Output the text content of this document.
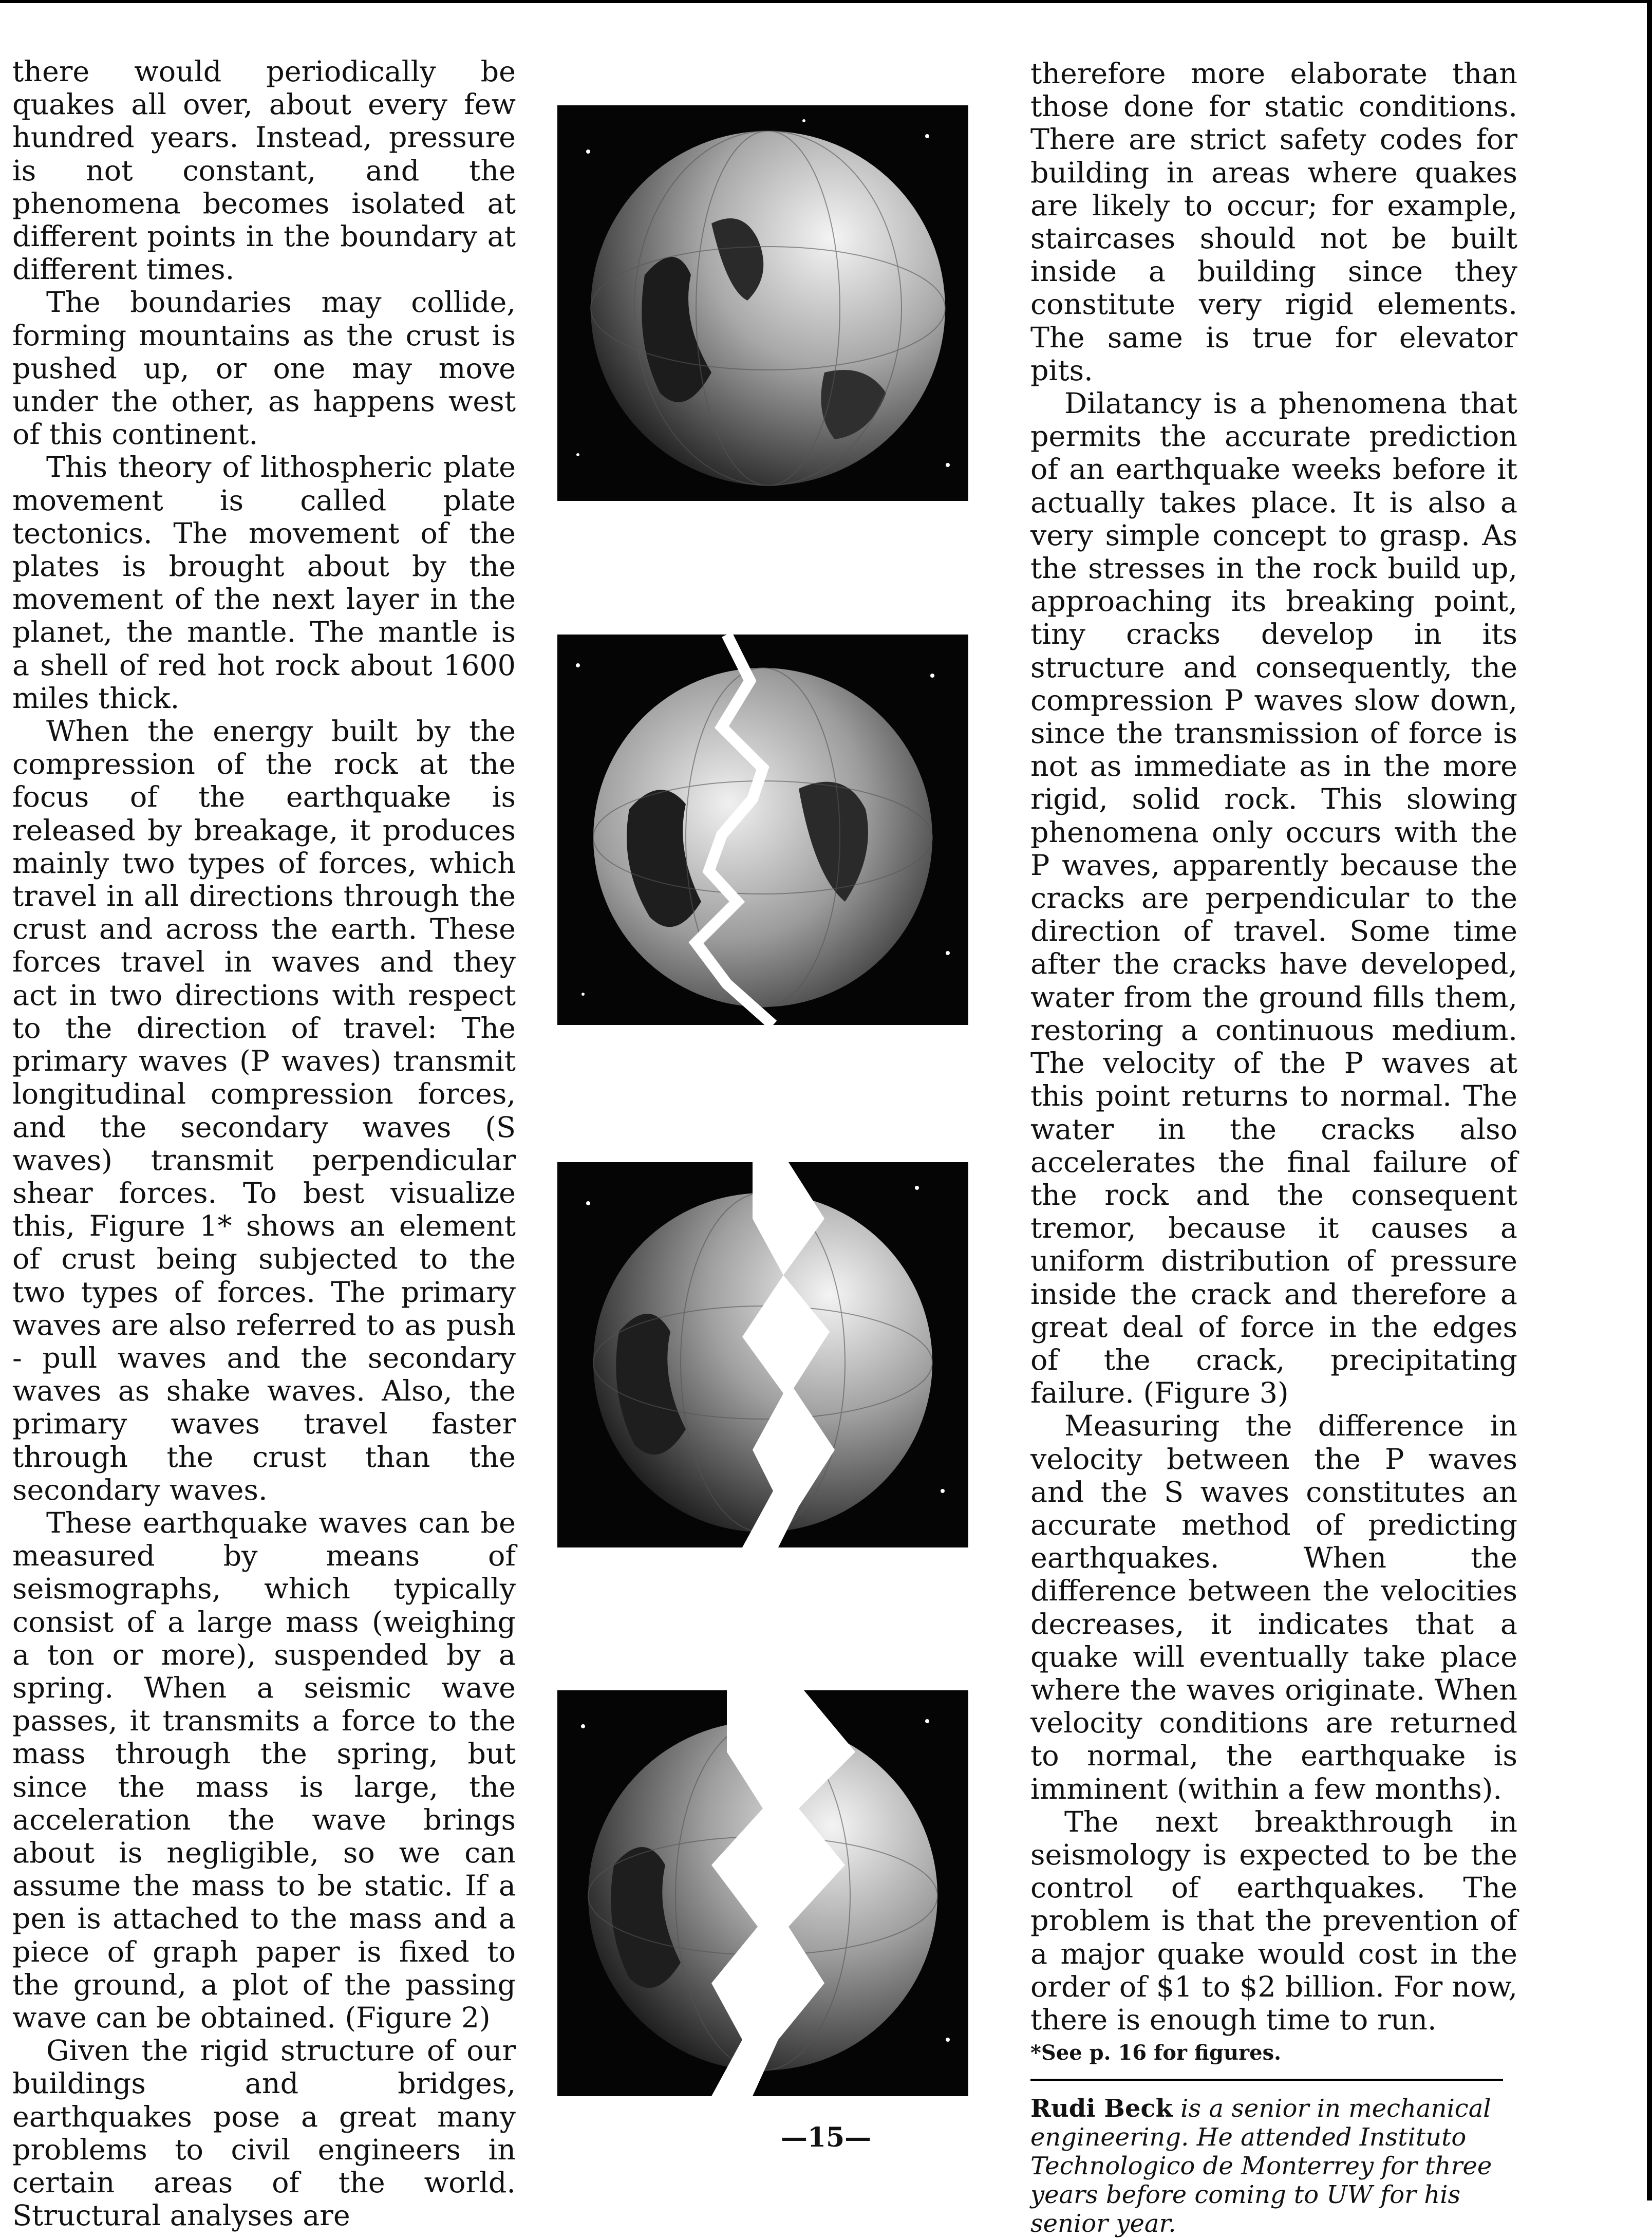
there would periodically be quakes all over, about every few hundred years. Instead, pressure is not constant, and the phenomena becomes isolated at different points in the boundary at different times.

The boundaries may collide, forming mountains as the crust is pushed up, or one may move under the other, as happens west of this continent.

This theory of lithospheric plate movement is called plate tectonics. The movement of the plates is brought about by the movement of the next layer in the planet, the mantle. The mantle is a shell of red hot rock about 1600 miles thick.

When the energy built by the compression of the rock at the focus of the earthquake is released by breakage, it produces mainly two types of forces, which travel in all directions through the crust and across the earth. These forces travel in waves and they act in two directions with respect to the direction of travel: The primary waves (P waves) transmit longitudinal compression forces, and the secondary waves (S waves) transmit perpendicular shear forces. To best visualize this, Figure 1* shows an element of crust being subjected to the two types of forces. The primary waves are also referred to as push - pull waves and the secondary waves as shake waves. Also, the primary waves travel faster through the crust than the secondary waves.

These earthquake waves can be measured by means of seismographs, which typically consist of a large mass (weighing a ton or more), suspended by a spring. When a seismic wave passes, it transmits a force to the mass through the spring, but since the mass is large, the acceleration the wave brings about is negligible, so we can assume the mass to be static. If a pen is attached to the mass and a piece of graph paper is fixed to the ground, a plot of the passing wave can be obtained. (Figure 2)

Given the rigid structure of our buildings and bridges, earthquakes pose a great many problems to civil engineers in certain areas of the world. Structural analyses are

therefore more elaborate than those done for static conditions. There are strict safety codes for building in areas where quakes are likely to occur; for example, staircases should not be built inside a building since they constitute very rigid elements. The same is true for elevator pits.

Dilatancy is a phenomena that permits the accurate prediction of an earthquake weeks before it actually takes place. It is also a very simple concept to grasp. As the stresses in the rock build up, approaching its breaking point, tiny cracks develop in its structure and consequently, the compression P waves slow down, since the transmission of force is not as immediate as in the more rigid, solid rock. This slowing phenomena only occurs with the P waves, apparently because the cracks are perpendicular to the direction of travel. Some time after the cracks have developed, water from the ground fills them, restoring a continuous medium. The velocity of the P waves at this point returns to normal. The water in the cracks also accelerates the final failure of the rock and the consequent tremor, because it causes a uniform distribution of pressure inside the crack and therefore a great deal of force in the edges of the crack, precipitating failure. (Figure 3)

Measuring the difference in velocity between the P waves and the S waves constitutes an accurate method of predicting earthquakes. When the difference between the velocities decreases, it indicates that a quake will eventually take place where the waves originate. When velocity conditions are returned to normal, the earthquake is imminent (within a few months).

The next breakthrough in seismology is expected to be the control of earthquakes. The problem is that the prevention of a major quake would cost in the order of $1 to $2 billion. For now, there is enough time to run.

*See p. 16 for figures.

Rudi Beck is a senior in mechanical engineering. He attended Instituto Technologico de Monterrey for three years before coming to UW for his senior year.

—15—
